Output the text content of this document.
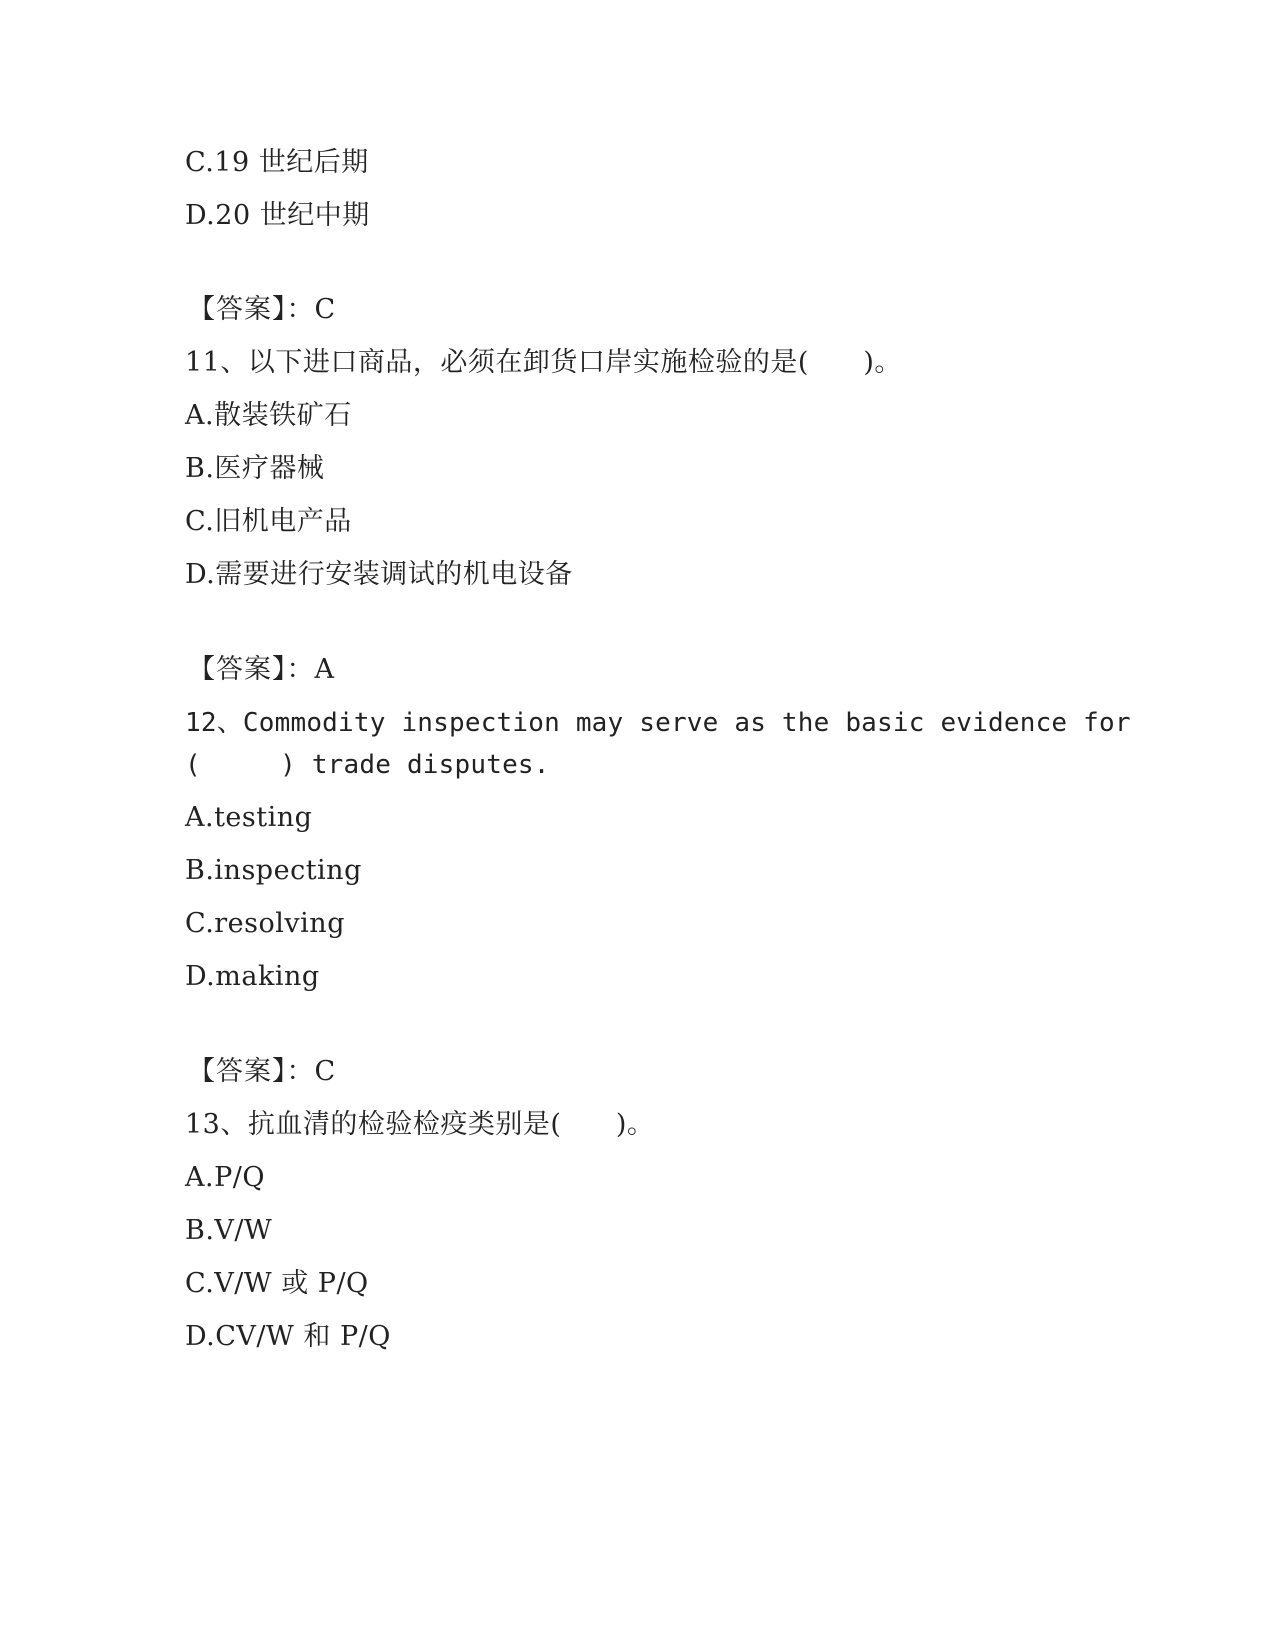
C.19 世纪后期
D.20 世纪中期
【答案】：C
11、以下进口商品，必须在卸货口岸实施检验的是(      )。
A.散装铁矿石
B.医疗器械
C.旧机电产品
D.需要进行安装调试的机电设备
【答案】：A
12、Commodity inspection may serve as the basic evidence for
(     ) trade disputes.
A.testing
B.inspecting
C.resolving
D.making
【答案】：C
13、抗血清的检验检疫类别是(      )。
A.P/Q
B.V/W
C.V/W 或 P/Q
D.CV/W 和 P/Q
